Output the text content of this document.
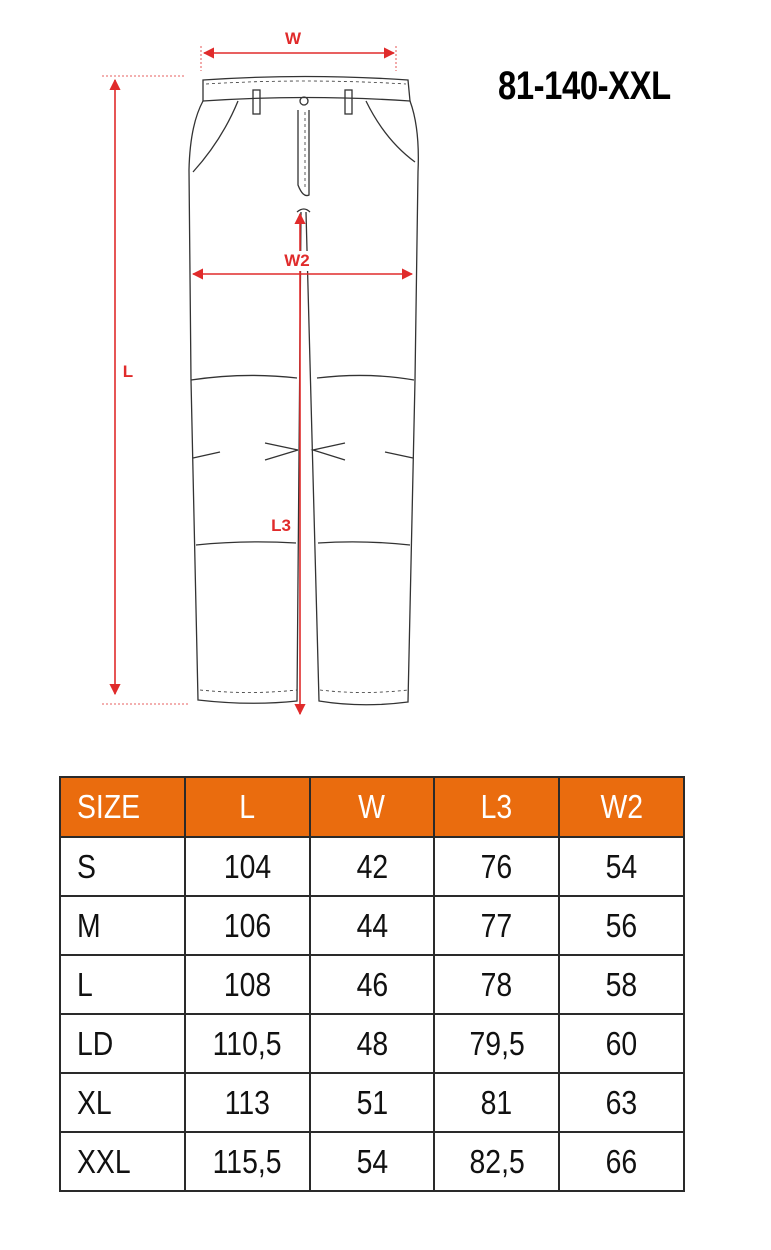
W
W2
L
L3
81-140-XXL
SIZE	L	W	L3	W2
S	104	42	76	54
M	106	44	77	56
L	108	46	78	58
LD	110,5	48	79,5	60
XL	113	51	81	63
XXL	115,5	54	82,5	66
